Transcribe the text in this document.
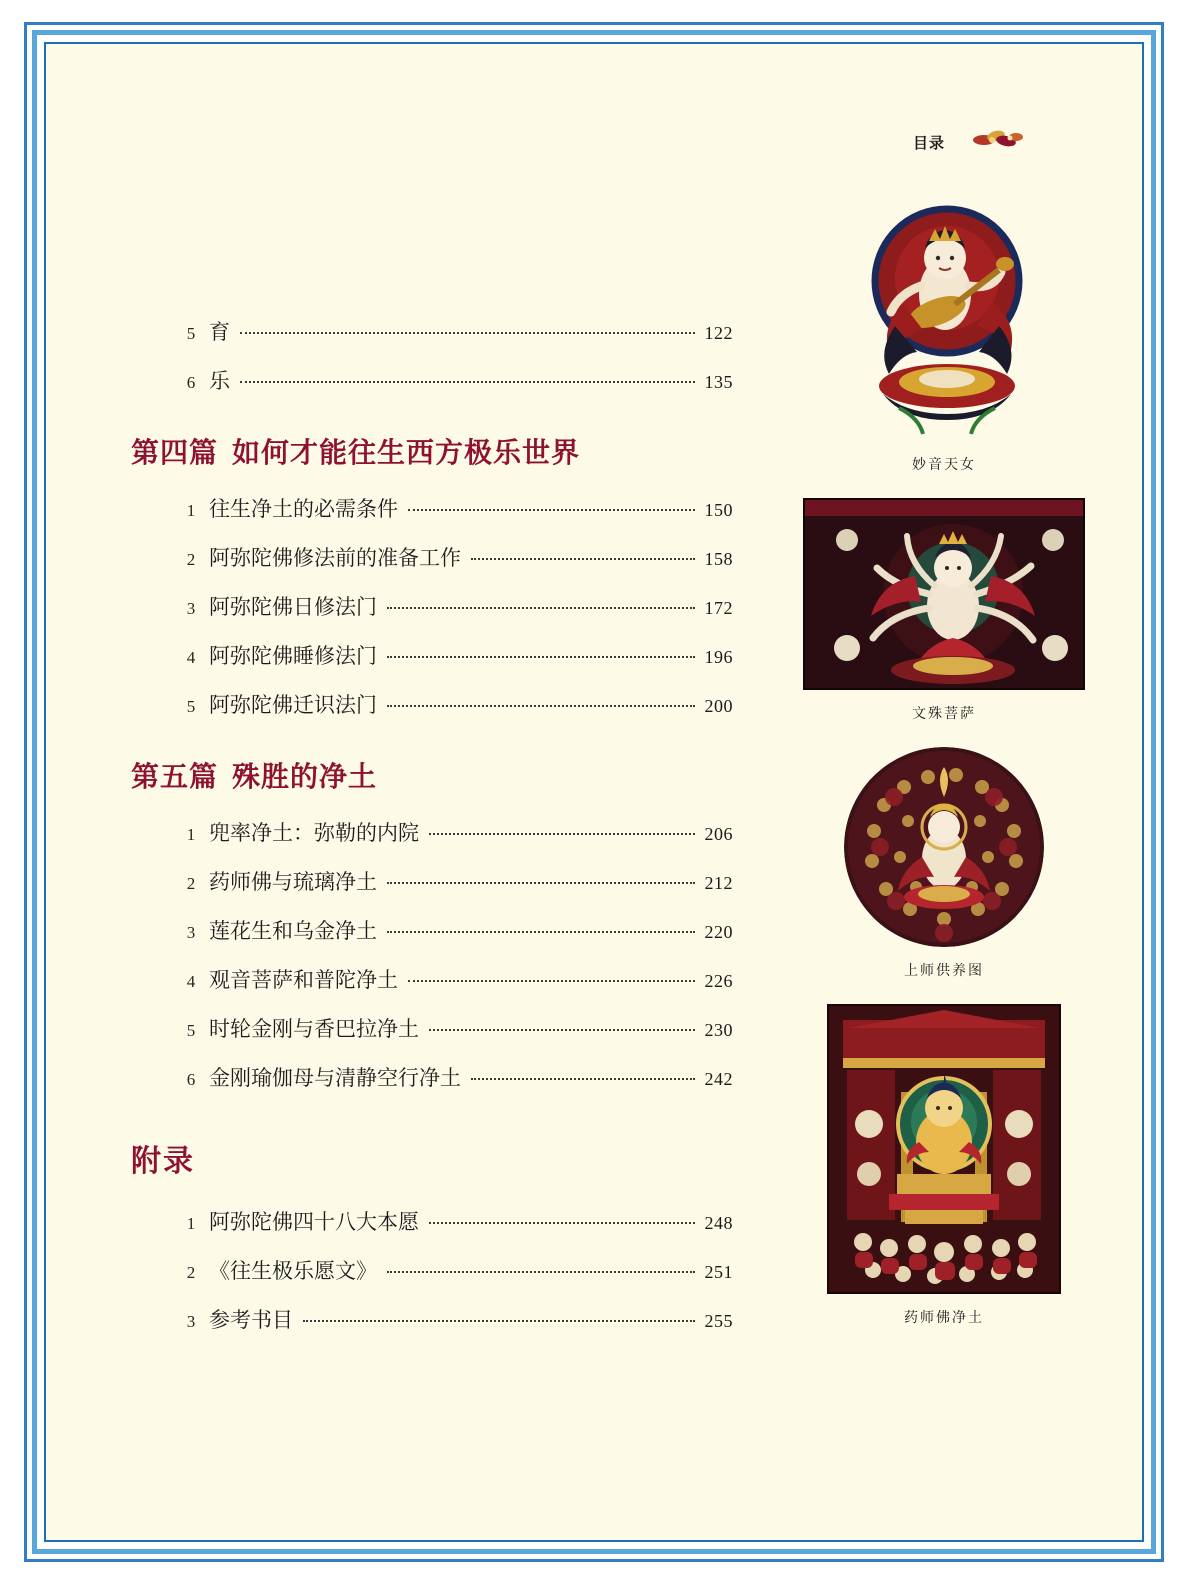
目录
5 育	122
6 乐	135
第四篇 如何才能往生西方极乐世界
1 往生净土的必需条件	150
2 阿弥陀佛修法前的准备工作	158
3 阿弥陀佛日修法门	172
4 阿弥陀佛睡修法门	196
5 阿弥陀佛迁识法门	200
第五篇 殊胜的净土
1 兜率净土：弥勒的内院	206
2 药师佛与琉璃净土	212
3 莲花生和乌金净土	220
4 观音菩萨和普陀净土	226
5 时轮金刚与香巴拉净土	230
6 金刚瑜伽母与清静空行净土	242
附录
1 阿弥陀佛四十八大本愿	248
2 《往生极乐愿文》	251
3 参考书目	255
妙音天女
文殊菩萨
上师供养图
药师佛净土
